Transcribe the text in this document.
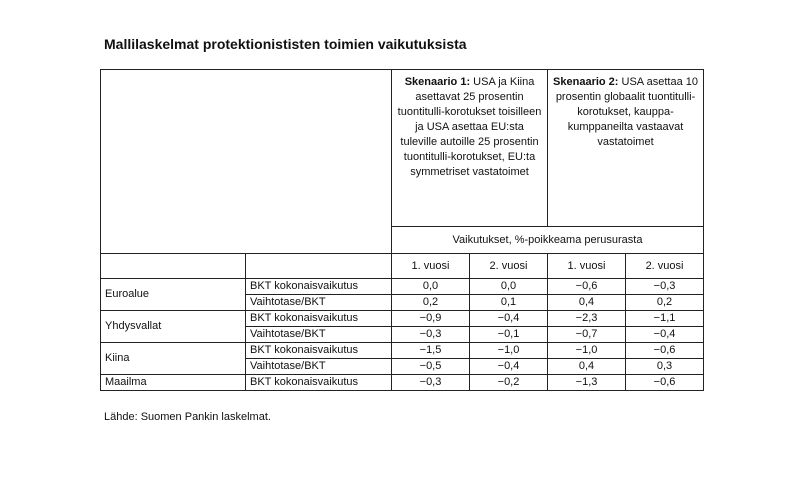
Mallilaskelmat protektionististen toimien vaikutuksista
		Skenaario 1: USA ja Kiina asettavat 25 prosentin tuontitulli-korotukset toisilleen ja USA asettaa EU:sta tuleville autoille 25 prosentin tuontitulli-korotukset, EU:ta symmetriset vastatoimet		Skenaario 2: USA asettaa 10 prosentin globaalit tuontitulli-korotukset, kauppa-kumppaneilta vastaavat vastatoimet	
		Vaikutukset, %-poikkeama perusurasta			
		1. vuosi	2. vuosi	1. vuosi	2. vuosi
Euroalue	BKT kokonaisvaikutus	0,0	0,0	−0,6	−0,3
	Vaihtotase/BKT	0,2	0,1	0,4	0,2
Yhdysvallat	BKT kokonaisvaikutus	−0,9	−0,4	−2,3	−1,1
	Vaihtotase/BKT	−0,3	−0,1	−0,7	−0,4
Kiina	BKT kokonaisvaikutus	−1,5	−1,0	−1,0	−0,6
	Vaihtotase/BKT	−0,5	−0,4	0,4	0,3
Maailma	BKT kokonaisvaikutus	−0,3	−0,2	−1,3	−0,6
Lähde: Suomen Pankin laskelmat.
